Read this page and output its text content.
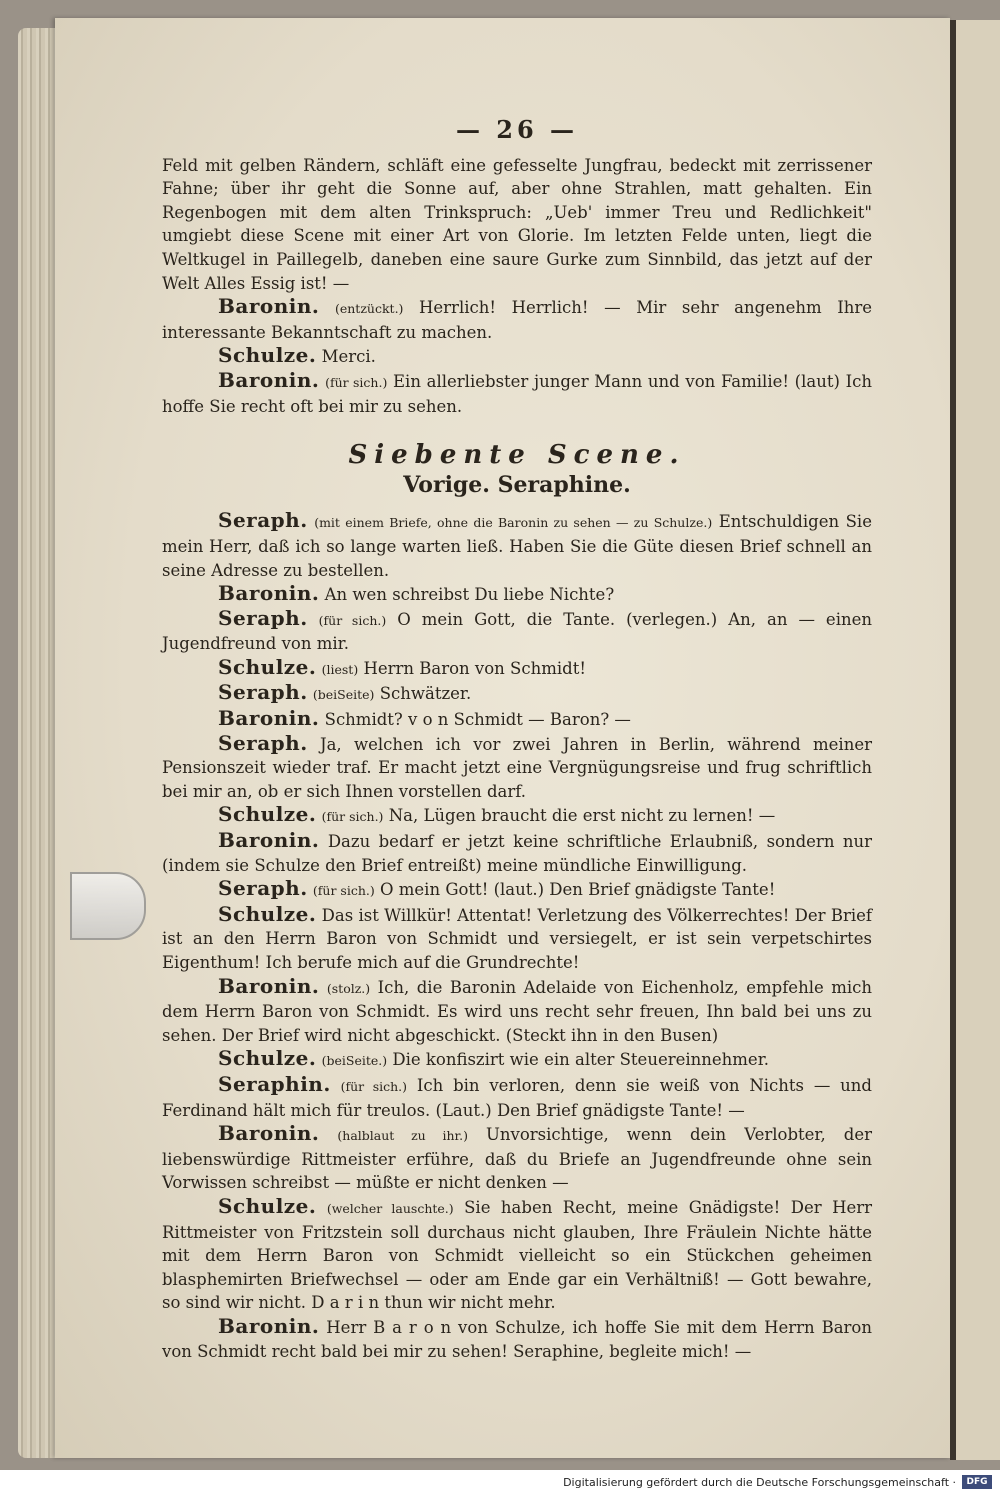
— 26 —

Feld mit gelben Rändern, schläft eine gefesselte Jungfrau, bedeckt mit zerrissener Fahne; über ihr geht die Sonne auf, aber ohne Strahlen, matt gehalten. Ein Regenbogen mit dem alten Trinkspruch: „Ueb' immer Treu und Redlichkeit" umgiebt diese Scene mit einer Art von Glorie. Im letzten Felde unten, liegt die Weltkugel in Paillegelb, daneben eine saure Gurke zum Sinnbild, das jetzt auf der Welt Alles Essig ist! —

Baronin. (entzückt.) Herrlich! Herrlich! — Mir sehr angenehm Ihre interessante Bekanntschaft zu machen.

Schulze. Merci.

Baronin. (für sich.) Ein allerliebster junger Mann und von Familie! (laut) Ich hoffe Sie recht oft bei mir zu sehen.

Siebente Scene.
Vorige. Seraphine.

Seraph. (mit einem Briefe, ohne die Baronin zu sehen — zu Schulze.) Entschuldigen Sie mein Herr, daß ich so lange warten ließ. Haben Sie die Güte diesen Brief schnell an seine Adresse zu bestellen.

Baronin. An wen schreibst Du liebe Nichte?

Seraph. (für sich.) O mein Gott, die Tante. (verlegen.) An, an — einen Jugendfreund von mir.

Schulze. (liest) Herrn Baron von Schmidt!

Seraph. (beiSeite) Schwätzer.

Baronin. Schmidt? v o n Schmidt — Baron? —

Seraph. Ja, welchen ich vor zwei Jahren in Berlin, während meiner Pensionszeit wieder traf. Er macht jetzt eine Vergnügungsreise und frug schriftlich bei mir an, ob er sich Ihnen vorstellen darf.

Schulze. (für sich.) Na, Lügen braucht die erst nicht zu lernen! —

Baronin. Dazu bedarf er jetzt keine schriftliche Erlaubniß, sondern nur (indem sie Schulze den Brief entreißt) meine mündliche Einwilligung.

Seraph. (für sich.) O mein Gott! (laut.) Den Brief gnädigste Tante!

Schulze. Das ist Willkür! Attentat! Verletzung des Völkerrechtes! Der Brief ist an den Herrn Baron von Schmidt und versiegelt, er ist sein verpetschirtes Eigenthum! Ich berufe mich auf die Grundrechte!

Baronin. (stolz.) Ich, die Baronin Adelaide von Eichenholz, empfehle mich dem Herrn Baron von Schmidt. Es wird uns recht sehr freuen, Ihn bald bei uns zu sehen. Der Brief wird nicht abgeschickt. (Steckt ihn in den Busen)

Schulze. (beiSeite.) Die konfiszirt wie ein alter Steuereinnehmer.

Seraphin. (für sich.) Ich bin verloren, denn sie weiß von Nichts — und Ferdinand hält mich für treulos. (Laut.) Den Brief gnädigste Tante! —

Baronin. (halblaut zu ihr.) Unvorsichtige, wenn dein Verlobter, der liebenswürdige Rittmeister erführe, daß du Briefe an Jugendfreunde ohne sein Vorwissen schreibst — müßte er nicht denken —

Schulze. (welcher lauschte.) Sie haben Recht, meine Gnädigste! Der Herr Rittmeister von Fritzstein soll durchaus nicht glauben, Ihre Fräulein Nichte hätte mit dem Herrn Baron von Schmidt vielleicht so ein Stückchen geheimen blasphemirten Briefwechsel — oder am Ende gar ein Verhältniß! — Gott bewahre, so sind wir nicht. D a r i n thun wir nicht mehr.

Baronin. Herr B a r o n von Schulze, ich hoffe Sie mit dem Herrn Baron von Schmidt recht bald bei mir zu sehen! Seraphine, begleite mich! —

Digitalisierung gefördert durch die Deutsche Forschungsgemeinschaft ·	DFG
